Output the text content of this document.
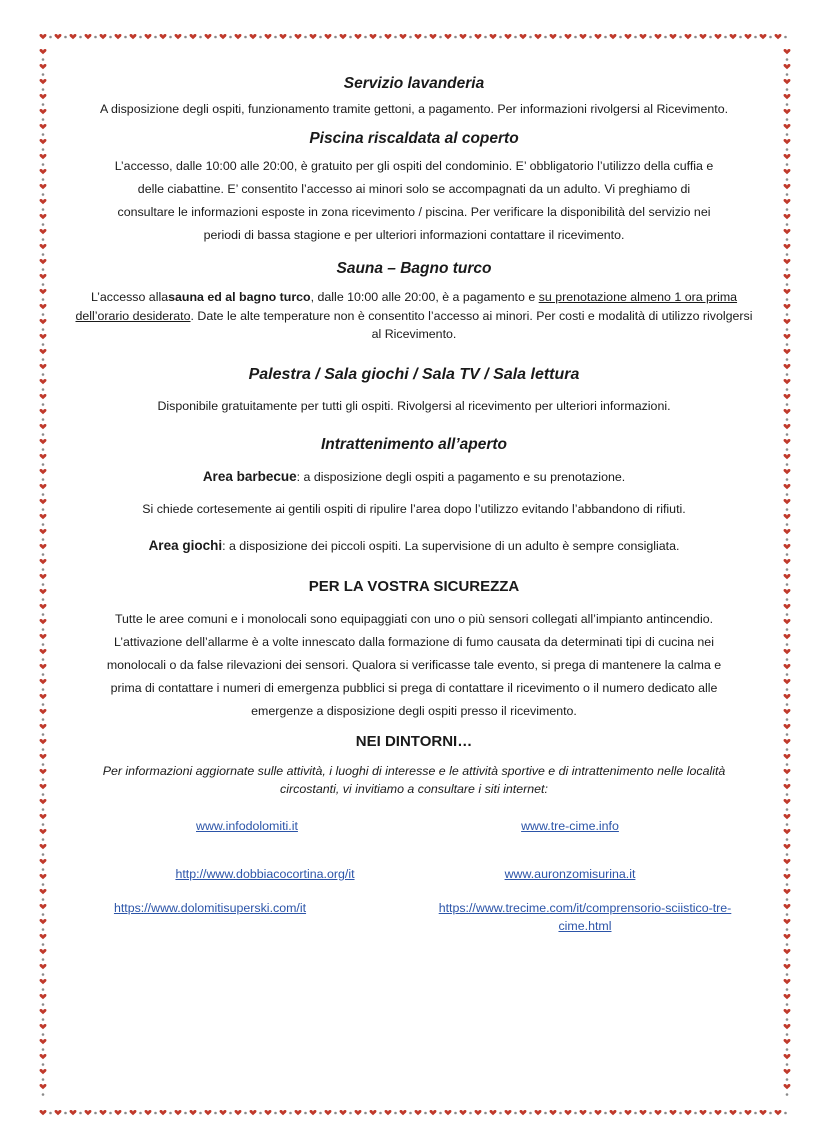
Servizio lavanderia

A disposizione degli ospiti, funzionamento tramite gettoni, a pagamento. Per informazioni rivolgersi al Ricevimento.

Piscina riscaldata al coperto

L’accesso, dalle 10:00 alle 20:00, è gratuito per gli ospiti del condominio. E’ obbligatorio l’utilizzo della cuffia e delle ciabattine. E’ consentito l’accesso ai minori solo se accompagnati da un adulto. Vi preghiamo di consultare le informazioni esposte in zona ricevimento / piscina. Per verificare la disponibilità del servizio nei periodi di bassa stagione e per ulteriori informazioni contattare il ricevimento.

Sauna – Bagno turco

L’accesso allasauna ed al bagno turco, dalle 10:00 alle 20:00, è a pagamento e su prenotazione almeno 1 ora prima dell’orario desiderato. Date le alte temperature non è consentito l’accesso ai minori. Per costi e modalità di utilizzo rivolgersi al Ricevimento.

Palestra / Sala giochi / Sala TV / Sala lettura

Disponibile gratuitamente per tutti gli ospiti. Rivolgersi al ricevimento per ulteriori informazioni.

Intrattenimento all’aperto

Area barbecue: a disposizione degli ospiti a pagamento e su prenotazione.

Si chiede cortesemente ai gentili ospiti di ripulire l’area dopo l’utilizzo evitando l’abbandono di rifiuti.

Area giochi: a disposizione dei piccoli ospiti. La supervisione di un adulto è sempre consigliata.

PER LA VOSTRA SICUREZZA

Tutte le aree comuni e i monolocali sono equipaggiati con uno o più sensori collegati all’impianto antincendio. L’attivazione dell’allarme è a volte innescato dalla formazione di fumo causata da determinati tipi di cucina nei monolocali o da false rilevazioni dei sensori. Qualora si verificasse tale evento, si prega di mantenere la calma e prima di contattare i numeri di emergenza pubblici si prega di contattare il ricevimento o il numero dedicato alle emergenze a disposizione degli ospiti presso il ricevimento.

NEI DINTORNI…

Per informazioni aggiornate sulle attività, i luoghi di interesse e le attività sportive e di intrattenimento nelle località circostanti, vi invitiamo a consultare i siti internet:

www.infodolomiti.it	www.tre-cime.info
http://www.dobbiacocortina.org/it	www.auronzomisurina.it
https://www.dolomitisuperski.com/it	https://www.trecime.com/it/comprensorio-sciistico-tre-cime.html
